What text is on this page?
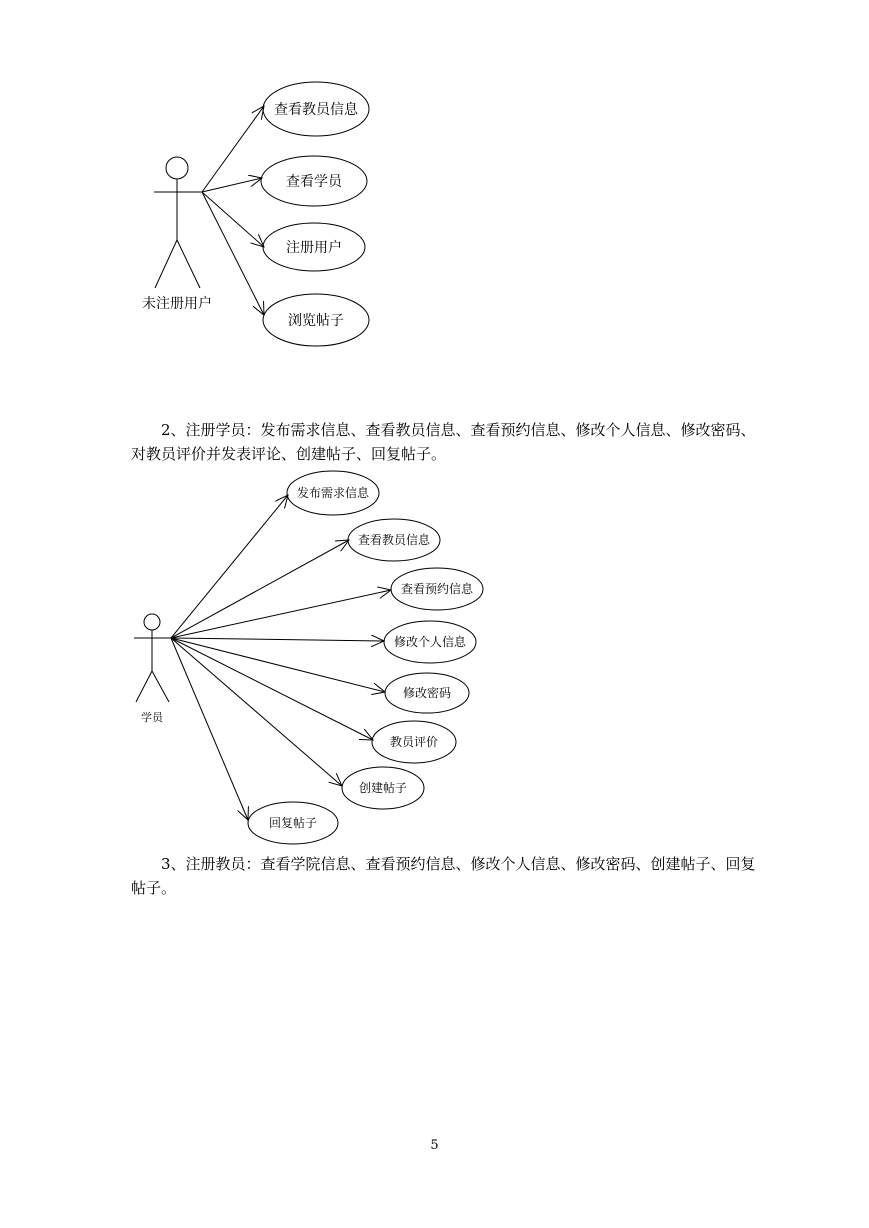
未注册用户
查看教员信息
查看学员
注册用户
浏览帖子
学员
发布需求信息
查看教员信息
查看预约信息
修改个人信息
修改密码
教员评价
创建帖子
回复帖子

2、注册学员：发布需求信息、查看教员信息、查看预约信息、修改个人信息、修改密码、对教员评价并发表评论、创建帖子、回复帖子。

3、注册教员：查看学院信息、查看预约信息、修改个人信息、修改密码、创建帖子、回复帖子。

5
